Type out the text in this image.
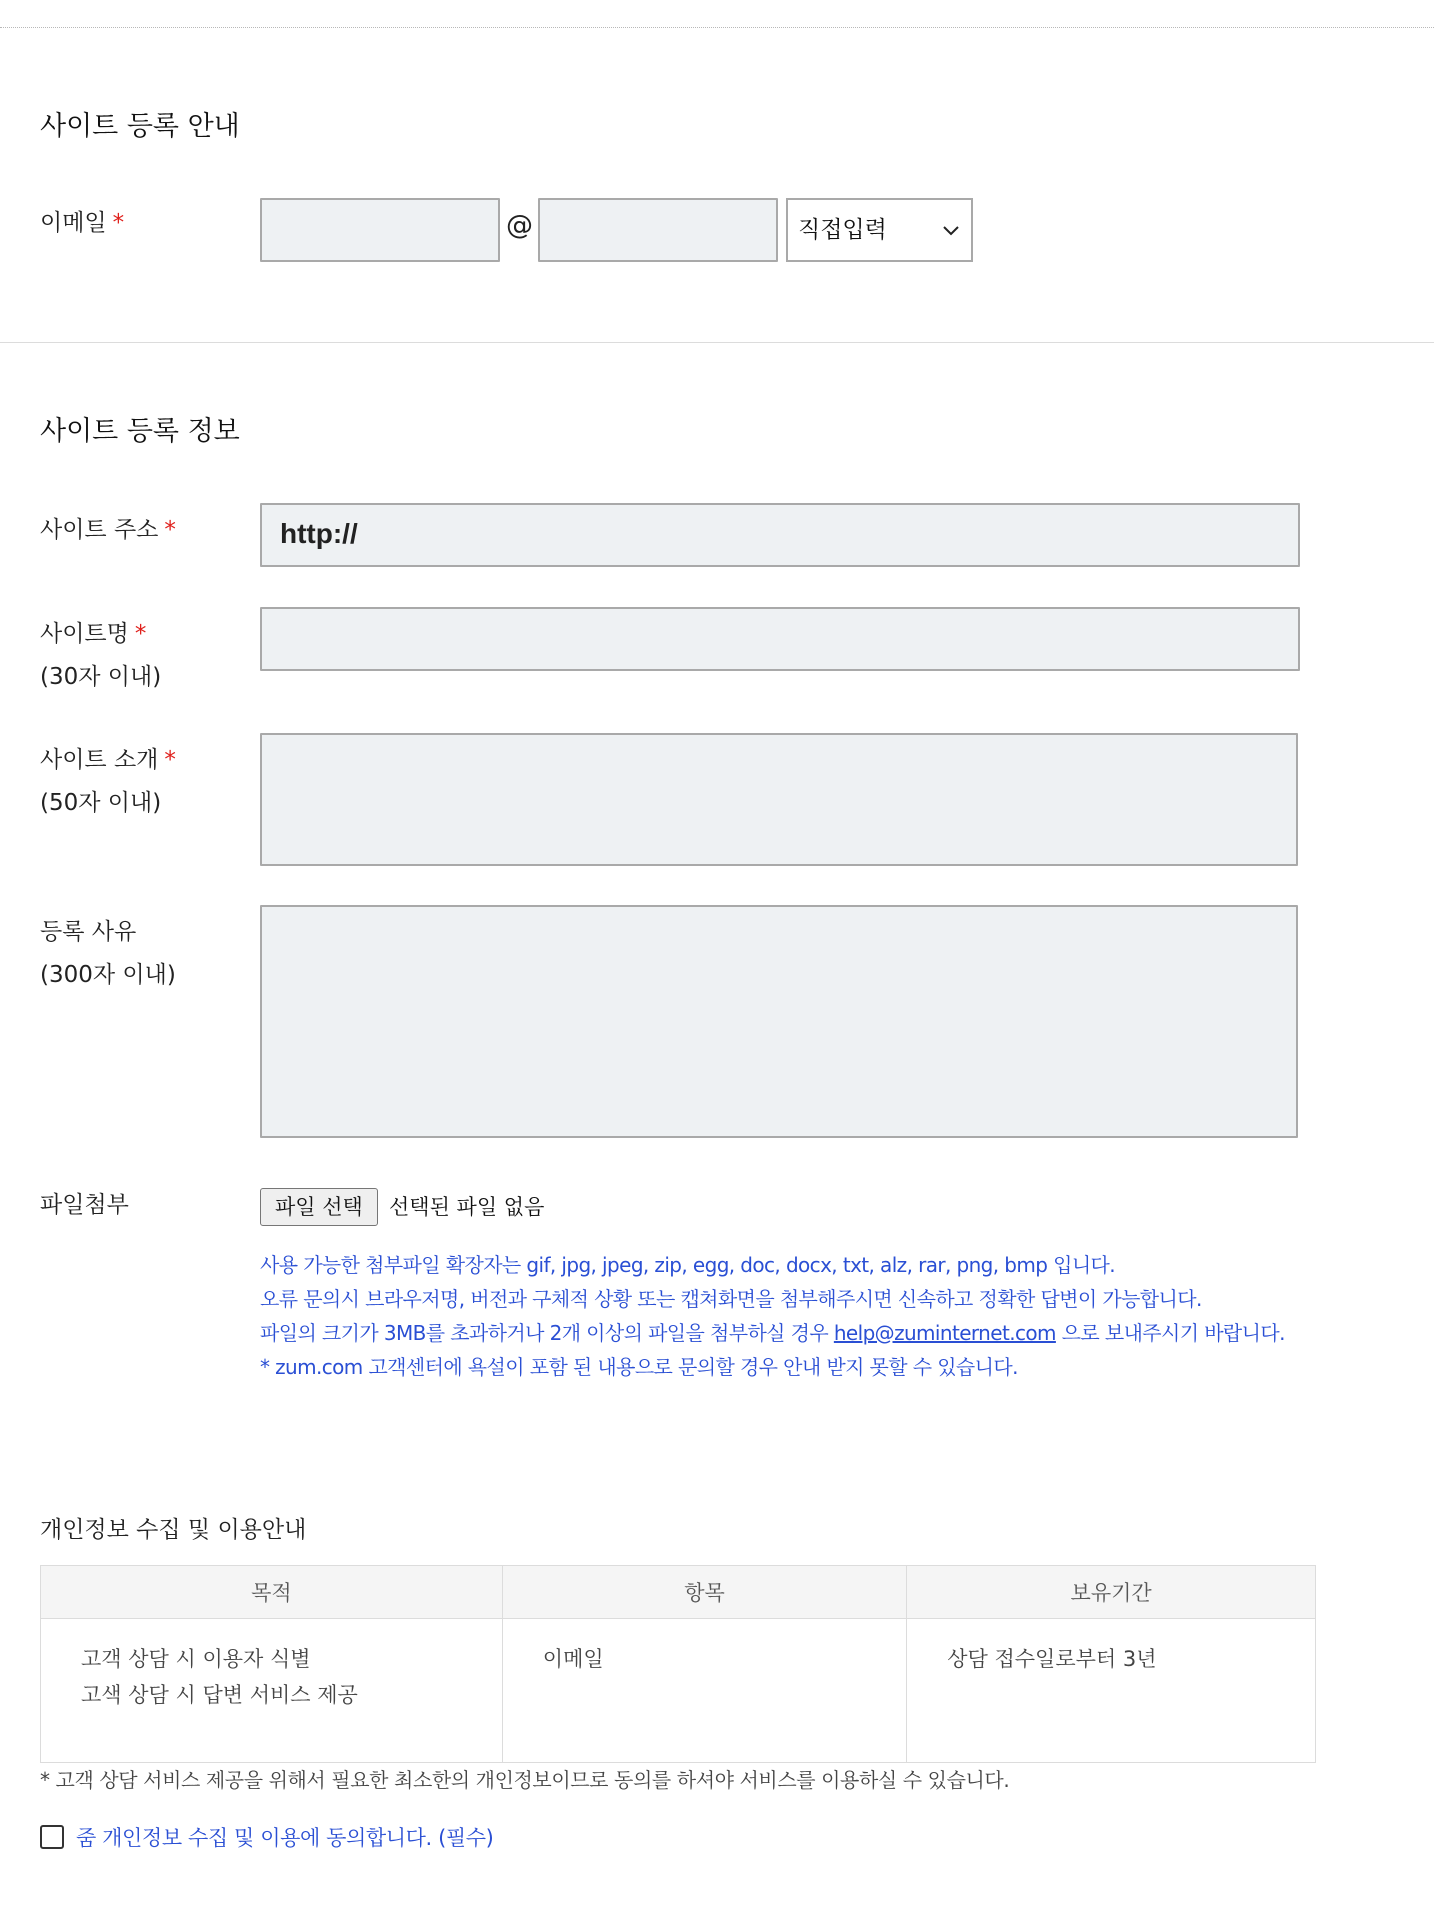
사이트 등록 안내
이메일 *	@	직접입력
사이트 등록 정보
사이트 주소 *	http://
사이트명 *
(30자 이내)
사이트 소개 *
(50자 이내)
등록 사유
(300자 이내)
파일첨부	파일 선택	선택된 파일 없음
사용 가능한 첨부파일 확장자는 gif, jpg, jpeg, zip, egg, doc, docx, txt, alz, rar, png, bmp 입니다.
오류 문의시 브라우저명, 버전과 구체적 상황 또는 캡쳐화면을 첨부해주시면 신속하고 정확한 답변이 가능합니다.
파일의 크기가 3MB를 초과하거나 2개 이상의 파일을 첨부하실 경우 help@zuminternet.com 으로 보내주시기 바랍니다.
* zum.com 고객센터에 욕설이 포함 된 내용으로 문의할 경우 안내 받지 못할 수 있습니다.
개인정보 수집 및 이용안내
목적	항목	보유기간

고객 상담 시 이용자 식별
고색 상담 시 답변 서비스 제공	이메일	상담 접수일로부터 3년
* 고객 상담 서비스 제공을 위해서 필요한 최소한의 개인정보이므로 동의를 하셔야 서비스를 이용하실 수 있습니다.
줌 개인정보 수집 및 이용에 동의합니다. (필수)
